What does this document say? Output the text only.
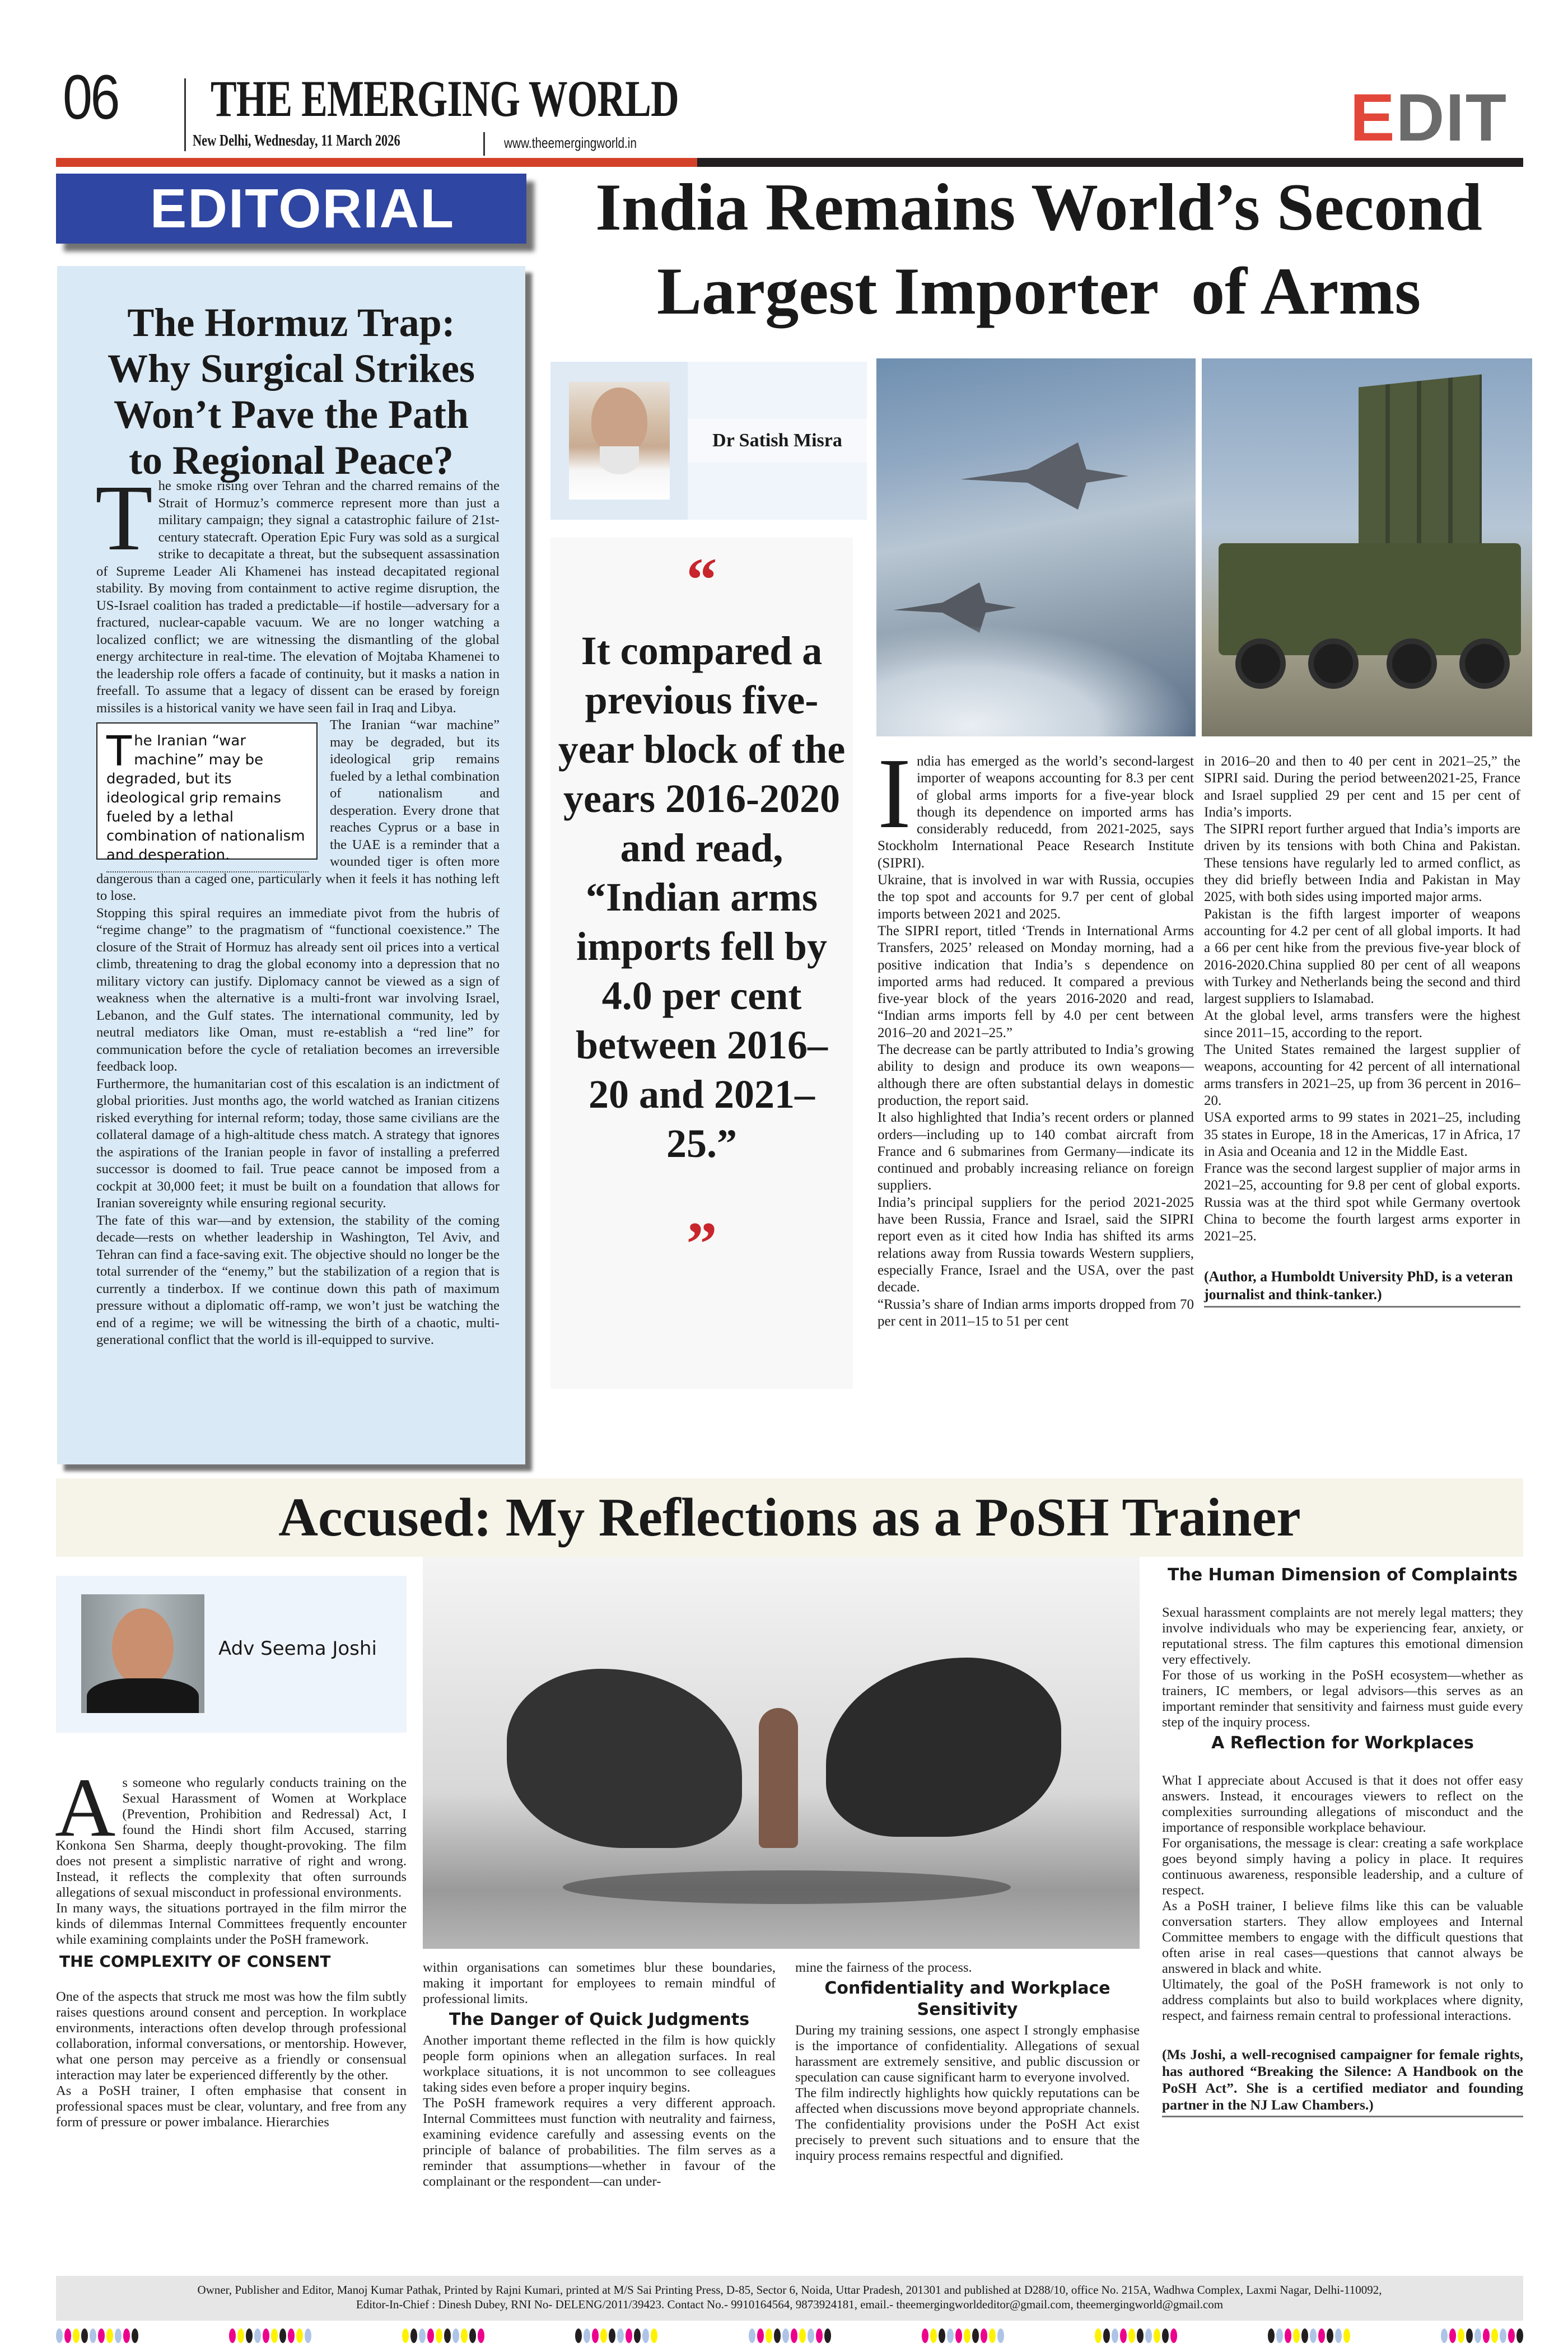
06 THE EMERGING WORLD
New Delhi, Wednesday, 11 March 2026	www.theemergingworld.in	EDIT
EDITORIAL
The Hormuz Trap:
Why Surgical Strikes
Won’t Pave the Path
to Regional Peace?

The smoke rising over Tehran and the charred remains of the Strait of Hormuz’s commerce represent more than just a military campaign; they signal a catastrophic failure of 21st-century statecraft. Operation Epic Fury was sold as a surgical strike to decapitate a threat, but the subsequent assassination of Supreme Leader Ali Khamenei has instead decapitated regional stability. By moving from containment to active regime disruption, the US-Israel coalition has traded a predictable—if hostile—adversary for a fractured, nuclear-capable vacuum. We are no longer watching a localized conflict; we are witnessing the dismantling of the global energy architecture in real-time. The elevation of Mojtaba Khamenei to the leadership role offers a facade of continuity, but it masks a nation in freefall. To assume that a legacy of dissent can be erased by foreign missiles is a historical vanity we have seen fail in Iraq and Libya.

The Iranian “war machine” may be degraded, but its ideological grip remains fueled by a lethal combination of nationalism and desperation.

The Iranian “war machine” may be degraded, but its ideological grip remains fueled by a lethal combination of nationalism and desperation. Every drone that reaches Cyprus or a base in the UAE is a reminder that a wounded tiger is often more dangerous than a caged one, particularly when it feels it has nothing left to lose.

Stopping this spiral requires an immediate pivot from the hubris of “regime change” to the pragmatism of “functional coexistence.” The closure of the Strait of Hormuz has already sent oil prices into a vertical climb, threatening to drag the global economy into a depression that no military victory can justify. Diplomacy cannot be viewed as a sign of weakness when the alternative is a multi-front war involving Israel, Lebanon, and the Gulf states. The international community, led by neutral mediators like Oman, must re-establish a “red line” for communication before the cycle of retaliation becomes an irreversible feedback loop.

Furthermore, the humanitarian cost of this escalation is an indictment of global priorities. Just months ago, the world watched as Iranian citizens risked everything for internal reform; today, those same civilians are the collateral damage of a high-altitude chess match. A strategy that ignores the aspirations of the Iranian people in favor of installing a preferred successor is doomed to fail. True peace cannot be imposed from a cockpit at 30,000 feet; it must be built on a foundation that allows for Iranian sovereignty while ensuring regional security.

The fate of this war—and by extension, the stability of the coming decade—rests on whether leadership in Washington, Tel Aviv, and Tehran can find a face-saving exit. The objective should no longer be the total surrender of the “enemy,” but the stabilization of a region that is currently a tinderbox. If we continue down this path of maximum pressure without a diplomatic off-ramp, we won’t just be watching the end of a regime; we will be witnessing the birth of a chaotic, multi-generational conflict that the world is ill-equipped to survive.

India Remains World’s Second
Largest Importer  of Arms
Dr Satish Misra
“
It compared a previous five-year block of the years 2016-2020 and read, “Indian arms imports fell by 4.0 per cent between 2016–20 and 2021–25.”
”

India has emerged as the world’s second-largest importer of weapons accounting for 8.3 per cent of global arms imports for a five-year block though its dependence on imported arms has considerably reducedd, from 2021-2025, says Stockholm International Peace Research Institute (SIPRI).

Ukraine, that is involved in war with Russia, occupies the top spot and accounts for 9.7 per cent of global imports between 2021 and 2025.

The SIPRI report, titled ‘Trends in International Arms Transfers, 2025’ released on Monday morning, had a positive indication that India’s s dependence on imported arms had reduced. It compared a previous five-year block of the years 2016-2020 and read, “Indian arms imports fell by 4.0 per cent between 2016–20 and 2021–25.”

The decrease can be partly attributed to India’s growing ability to design and produce its own weapons— although there are often substantial delays in domestic production, the report said.

It also highlighted that India’s recent orders or planned orders—including up to 140 combat aircraft from France and 6 submarines from Germany—indicate its continued and probably increasing reliance on foreign suppliers.

India’s principal suppliers for the period 2021-2025 have been Russia, France and Israel, said the SIPRI report even as it cited how India has shifted its arms relations away from Russia towards Western suppliers, especially France, Israel and the USA, over the past decade.

“Russia’s share of Indian arms imports dropped from 70 per cent in 2011–15 to 51 per cent

in 2016–20 and then to 40 per cent in 2021–25,” the SIPRI said. During the period between2021-25, France and Israel supplied 29 per cent and 15 per cent of India’s imports.

The SIPRI report further argued that India’s imports are driven by its tensions with both China and Pakistan. These tensions have regularly led to armed conflict, as they did briefly between India and Pakistan in May 2025, with both sides using imported major arms.

Pakistan is the fifth largest importer of weapons accounting for 4.2 per cent of all global imports. It had a 66 per cent hike from the previous five-year block of 2016-2020.China supplied 80 per cent of all weapons with Turkey and Netherlands being the second and third largest suppliers to Islamabad.

At the global level, arms transfers were the highest since 2011–15, according to the report.

The United States remained the largest supplier of weapons, accounting for 42 percent of all international arms transfers in 2021–25, up from 36 percent in 2016–20.

USA exported arms to 99 states in 2021–25, including 35 states in Europe, 18 in the Americas, 17 in Africa, 17 in Asia and Oceania and 12 in the Middle East.

France was the second largest supplier of major arms in 2021–25, accounting for 9.8 per cent of global exports. Russia was at the third spot while Germany overtook China to become the fourth largest arms exporter in 2021–25.

(Author, a Humboldt University PhD, is a veteran journalist and think-tanker.)

Accused: My Reflections as a PoSH Trainer
Adv Seema Joshi

As someone who regularly conducts training on the Sexual Harassment of Women at Workplace (Prevention, Prohibition and Redressal) Act, I found the Hindi short film Accused, starring Konkona Sen Sharma, deeply thought-provoking. The film does not present a simplistic narrative of right and wrong. Instead, it reflects the complexity that often surrounds allegations of sexual misconduct in professional environments.

In many ways, the situations portrayed in the film mirror the kinds of dilemmas Internal Committees frequently encounter while examining complaints under the PoSH framework.

THE COMPLEXITY OF CONSENT

One of the aspects that struck me most was how the film subtly raises questions around consent and perception. In workplace environments, interactions often develop through professional collaboration, informal conversations, or mentorship. However, what one person may perceive as a friendly or consensual interaction may later be experienced differently by the other.

As a PoSH trainer, I often emphasise that consent in professional spaces must be clear, voluntary, and free from any form of pressure or power imbalance. Hierarchies

within organisations can sometimes blur these boundaries, making it important for employees to remain mindful of professional limits.

The Danger of Quick Judgments

Another important theme reflected in the film is how quickly people form opinions when an allegation surfaces. In real workplace situations, it is not uncommon to see colleagues taking sides even before a proper inquiry begins.

The PoSH framework requires a very different approach. Internal Committees must function with neutrality and fairness, examining evidence carefully and assessing events on the principle of balance of probabilities. The film serves as a reminder that assumptions—whether in favour of the complainant or the respondent—can under-

mine the fairness of the process.

Confidentiality and Workplace Sensitivity

During my training sessions, one aspect I strongly emphasise is the importance of confidentiality. Allegations of sexual harassment are extremely sensitive, and public discussion or speculation can cause significant harm to everyone involved.

The film indirectly highlights how quickly reputations can be affected when discussions move beyond appropriate channels. The confidentiality provisions under the PoSH Act exist precisely to prevent such situations and to ensure that the inquiry process remains respectful and dignified.

The Human Dimension of Complaints

Sexual harassment complaints are not merely legal matters; they involve individuals who may be experiencing fear, anxiety, or reputational stress. The film captures this emotional dimension very effectively.

For those of us working in the PoSH ecosystem—whether as trainers, IC members, or legal advisors—this serves as an important reminder that sensitivity and fairness must guide every step of the inquiry process.

A Reflection for Workplaces

What I appreciate about Accused is that it does not offer easy answers. Instead, it encourages viewers to reflect on the complexities surrounding allegations of misconduct and the importance of responsible workplace behaviour.

For organisations, the message is clear: creating a safe workplace goes beyond simply having a policy in place. It requires continuous awareness, responsible leadership, and a culture of respect.

As a PoSH trainer, I believe films like this can be valuable conversation starters. They allow employees and Internal Committee members to engage with the difficult questions that often arise in real cases—questions that cannot always be answered in black and white.

Ultimately, the goal of the PoSH framework is not only to address complaints but also to build workplaces where dignity, respect, and fairness remain central to professional interactions.

(Ms Joshi, a well-recognised campaigner for female rights, has authored “Breaking the Silence: A Handbook on the PoSH Act”. She is a certified mediator and founding partner in the NJ Law Chambers.)

Owner, Publisher and Editor, Manoj Kumar Pathak, Printed by Rajni Kumari, printed at M/S Sai Printing Press, D-85, Sector 6, Noida, Uttar Pradesh, 201301 and published at D288/10, office No. 215A, Wadhwa Complex, Laxmi Nagar, Delhi-110092,
Editor-In-Chief : Dinesh Dubey, RNI No- DELENG/2011/39423. Contact No.- 9910164564, 9873924181, email.- theemergingworldeditor@gmail.com, theemergingworld@gmail.com
